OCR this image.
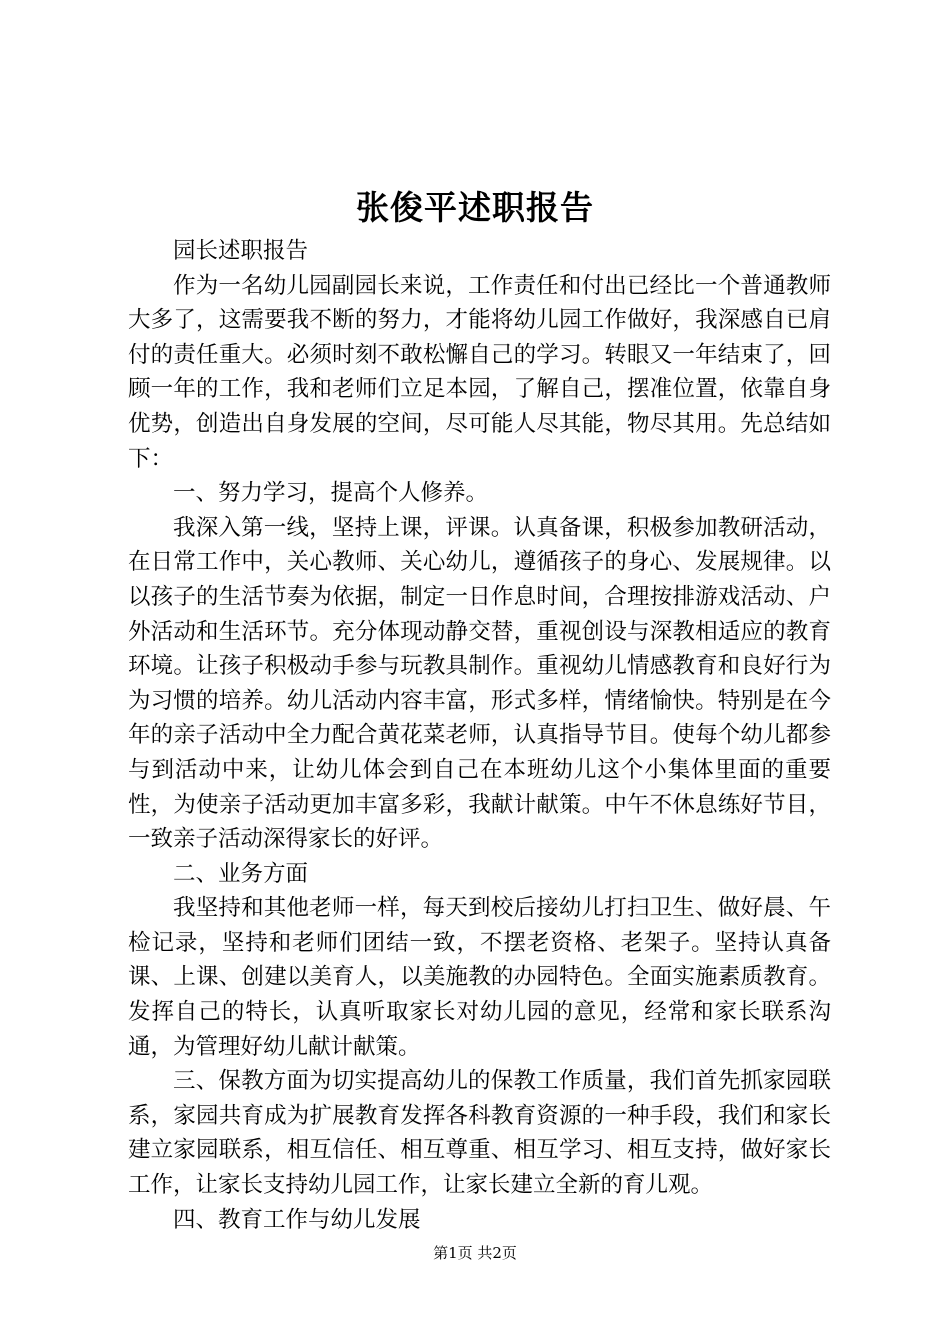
张俊平述职报告

园长述职报告

作为一名幼儿园副园长来说，工作责任和付出已经比一个普通教师大多了，这需要我不断的努力，才能将幼儿园工作做好，我深感自已肩付的责任重大。必须时刻不敢松懈自己的学习。转眼又一年结束了，回顾一年的工作，我和老师们立足本园，了解自己，摆准位置，依靠自身优势，创造出自身发展的空间，尽可能人尽其能，物尽其用。先总结如下：

一、努力学习，提高个人修养。

我深入第一线，坚持上课，评课。认真备课，积极参加教研活动，在日常工作中，关心教师、关心幼儿，遵循孩子的身心、发展规律。以以孩子的生活节奏为依据，制定一日作息时间，合理按排游戏活动、户外活动和生活环节。充分体现动静交替，重视创设与深教相适应的教育环境。让孩子积极动手参与玩教具制作。重视幼儿情感教育和良好行为为习惯的培养。幼儿活动内容丰富，形式多样，情绪愉快。特别是在今年的亲子活动中全力配合黄花菜老师，认真指导节目。使每个幼儿都参与到活动中来，让幼儿体会到自己在本班幼儿这个小集体里面的重要性，为使亲子活动更加丰富多彩，我献计献策。中午不休息练好节目，一致亲子活动深得家长的好评。

二、业务方面

我坚持和其他老师一样，每天到校后接幼儿打扫卫生、做好晨、午检记录，坚持和老师们团结一致，不摆老资格、老架子。坚持认真备课、上课、创建以美育人，以美施教的办园特色。全面实施素质教育。发挥自己的特长，认真听取家长对幼儿园的意见，经常和家长联系沟通，为管理好幼儿献计献策。

三、保教方面为切实提高幼儿的保教工作质量，我们首先抓家园联系，家园共育成为扩展教育发挥各科教育资源的一种手段，我们和家长建立家园联系，相互信任、相互尊重、相互学习、相互支持，做好家长工作，让家长支持幼儿园工作，让家长建立全新的育儿观。

四、教育工作与幼儿发展

第1页 共2页
